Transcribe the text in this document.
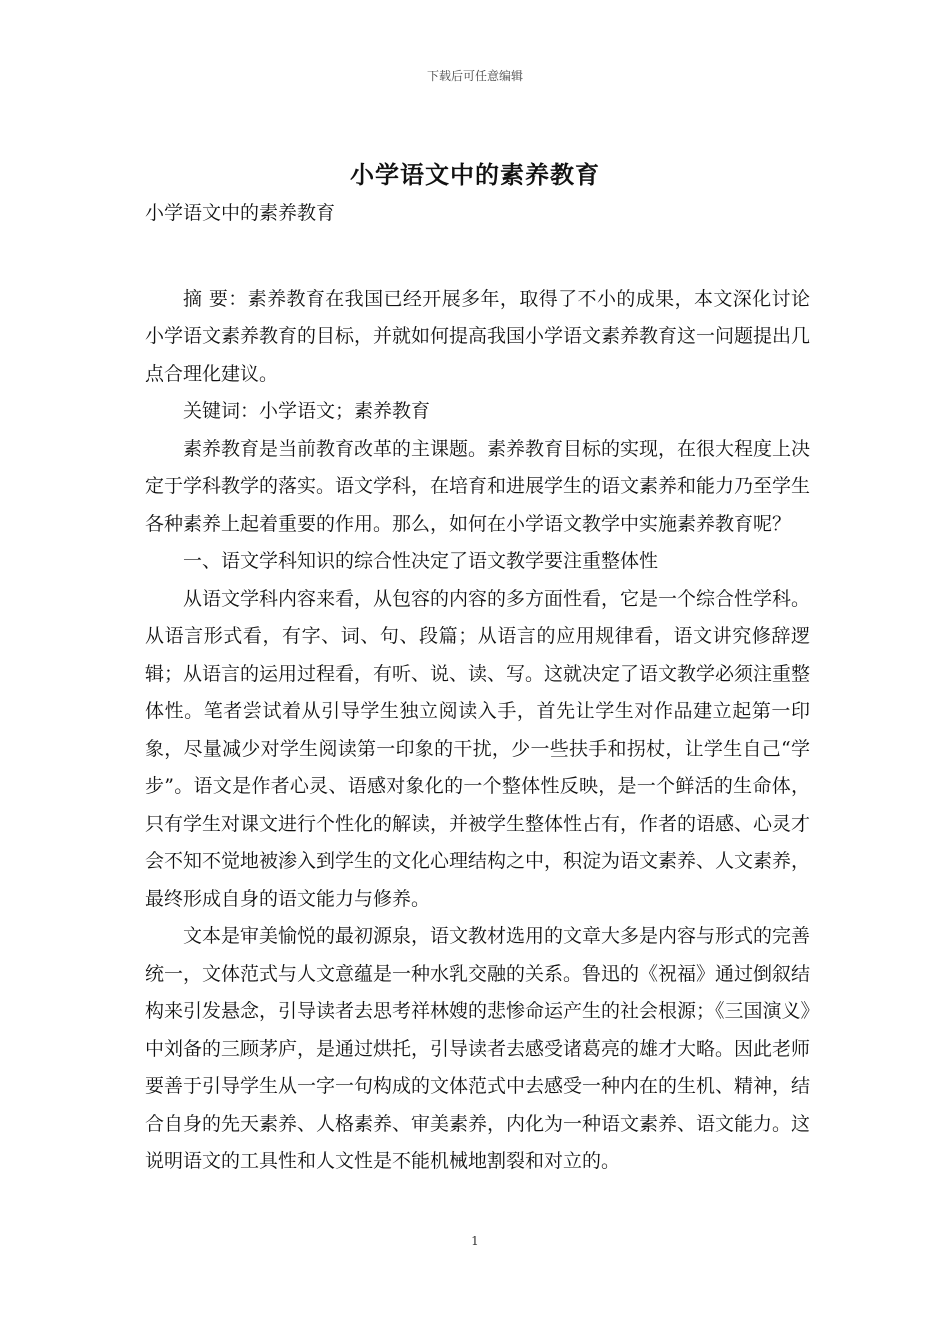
下载后可任意编辑
小学语文中的素养教育

小学语文中的素养教育

摘 要：素养教育在我国已经开展多年，取得了不小的成果，本文深化讨论小学语文素养教育的目标，并就如何提高我国小学语文素养教育这一问题提出几点合理化建议。

关键词：小学语文；素养教育

素养教育是当前教育改革的主课题。素养教育目标的实现，在很大程度上决定于学科教学的落实。语文学科，在培育和进展学生的语文素养和能力乃至学生各种素养上起着重要的作用。那么，如何在小学语文教学中实施素养教育呢？

一、语文学科知识的综合性决定了语文教学要注重整体性

从语文学科内容来看，从包容的内容的多方面性看，它是一个综合性学科。从语言形式看，有字、词、句、段篇；从语言的应用规律看，语文讲究修辞逻辑；从语言的运用过程看，有听、说、读、写。这就决定了语文教学必须注重整体性。笔者尝试着从引导学生独立阅读入手，首先让学生对作品建立起第一印象，尽量减少对学生阅读第一印象的干扰，少一些扶手和拐杖，让学生自己“学步”。语文是作者心灵、语感对象化的一个整体性反映，是一个鲜活的生命体，只有学生对课文进行个性化的解读，并被学生整体性占有，作者的语感、心灵才会不知不觉地被渗入到学生的文化心理结构之中，积淀为语文素养、人文素养，最终形成自身的语文能力与修养。

文本是审美愉悦的最初源泉，语文教材选用的文章大多是内容与形式的完善统一，文体范式与人文意蕴是一种水乳交融的关系。鲁迅的《祝福》通过倒叙结构来引发悬念，引导读者去思考祥林嫂的悲惨命运产生的社会根源；《三国演义》中刘备的三顾茅庐，是通过烘托，引导读者去感受诸葛亮的雄才大略。因此老师要善于引导学生从一字一句构成的文体范式中去感受一种内在的生机、精神，结合自身的先天素养、人格素养、审美素养，内化为一种语文素养、语文能力。这说明语文的工具性和人文性是不能机械地割裂和对立的。

1
